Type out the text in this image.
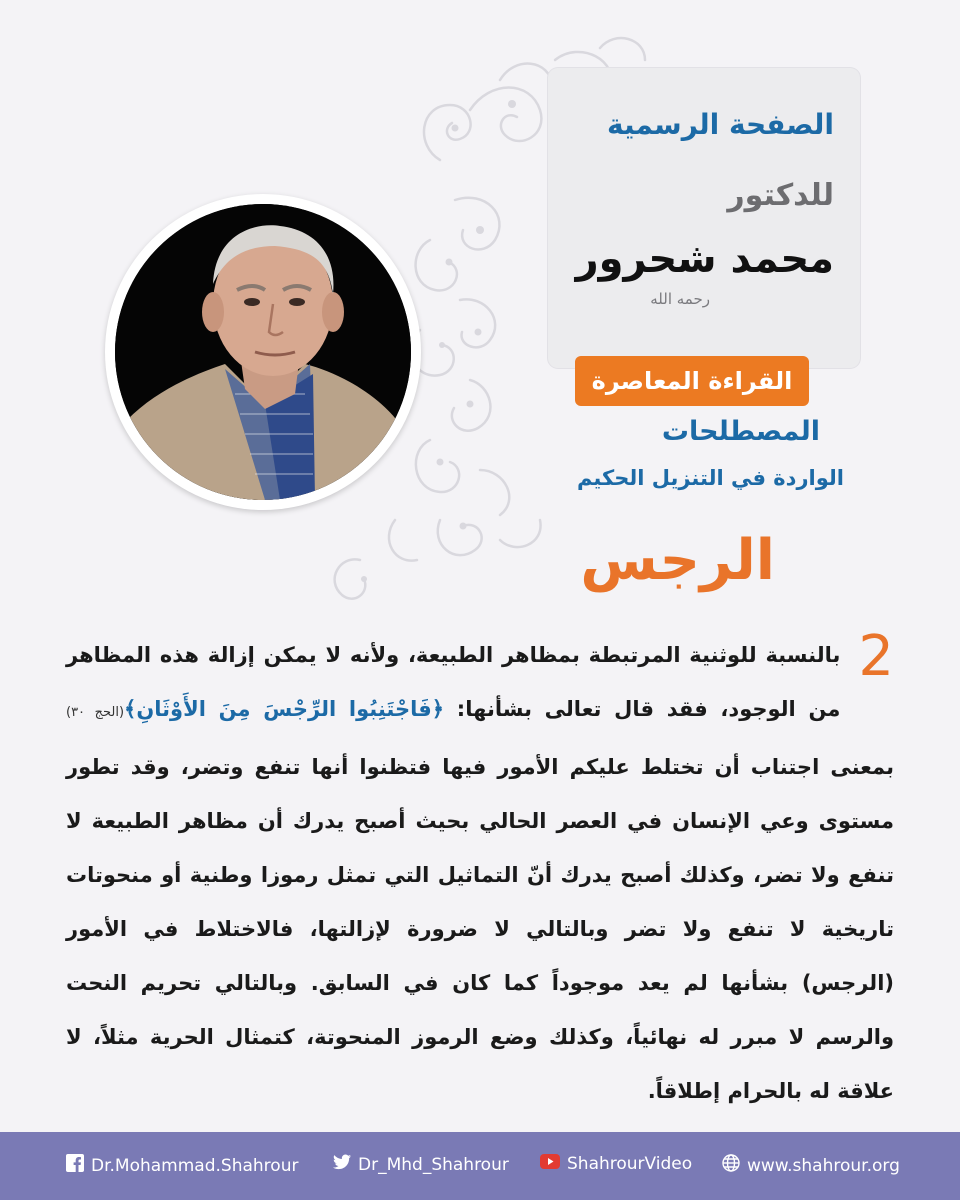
الصفحة الرسمية
للدكتور
محمد شحرور
رحمه الله
القراءة المعاصرة
المصطلحات
الواردة في التنزيل الحكيم
الرجس
2
بالنسبة للوثنية المرتبطة بمظاهر الطبيعة، ولأنه لا يمكن إزالة هذه المظاهر من الوجود، فقد قال تعالى بشأنها: ﴿فَاجْتَنِبُوا الرِّجْسَ مِنَ الأَوْثَانِ﴾(الحج ٣٠) بمعنى اجتناب أن تختلط عليكم الأمور فيها فتظنوا أنها تنفع وتضر، وقد تطور مستوى وعي الإنسان في العصر الحالي بحيث أصبح يدرك أن مظاهر الطبيعة لا تنفع ولا تضر، وكذلك أصبح يدرك أنّ التماثيل التي تمثل رموزا وطنية أو منحوتات تاريخية لا تنفع ولا تضر وبالتالي لا ضرورة لإزالتها، فالاختلاط في الأمور (الرجس) بشأنها لم يعد موجوداً كما كان في السابق. وبالتالي تحريم النحت والرسم لا مبرر له نهائياً، وكذلك وضع الرموز المنحوتة، كتمثال الحرية مثلاً، لا علاقة له بالحرام إطلاقاً.
Dr.Mohammad.Shahrour	Dr_Mhd_Shahrour	ShahrourVideo	www.shahrour.org
